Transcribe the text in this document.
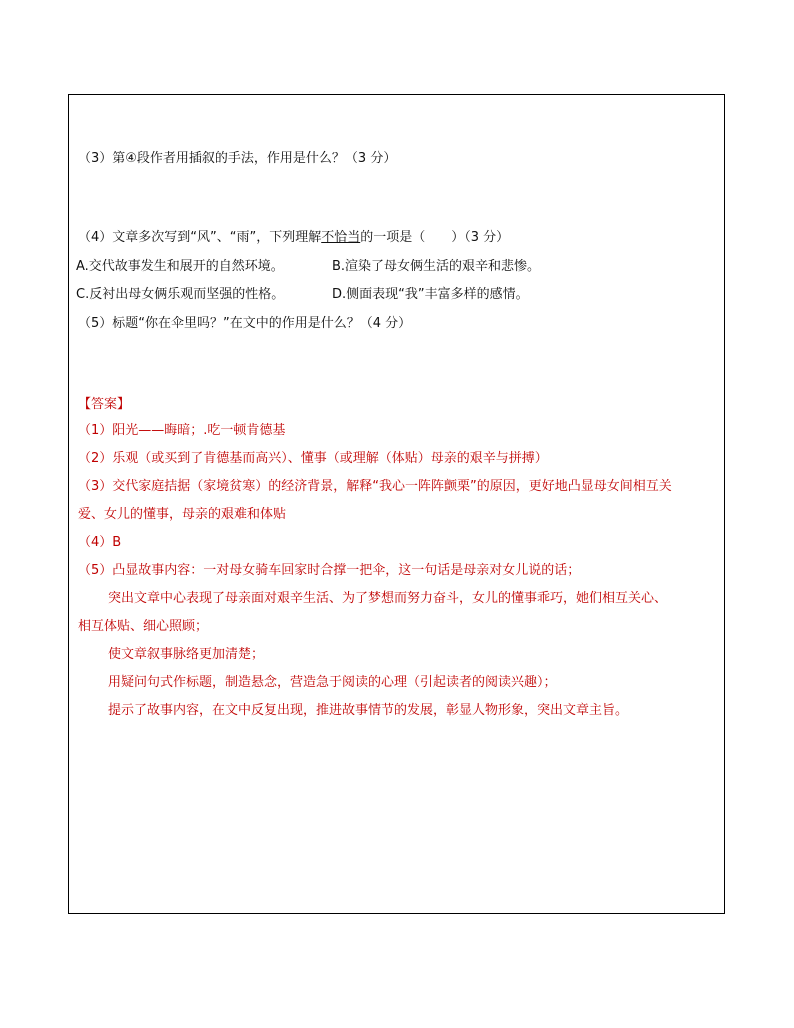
（3）第④段作者用插叙的手法，作用是什么？（3 分）
（4）文章多次写到“风”、“雨”，下列理解不恰当的一项是（　　）（3 分）
A.交代故事发生和展开的自然环境。	B.渲染了母女俩生活的艰辛和悲惨。
C.反衬出母女俩乐观而坚强的性格。	D.侧面表现“我”丰富多样的感情。
（5）标题“你在伞里吗？”在文中的作用是什么？（4 分）
【答案】
（1）阳光——晦暗；.吃一顿肯德基
（2）乐观（或买到了肯德基而高兴）、懂事（或理解（体贴）母亲的艰辛与拼搏）
（3）交代家庭拮据（家境贫寒）的经济背景，解释“我心一阵阵颤栗”的原因，更好地凸显母女间相互关
爱、女儿的懂事，母亲的艰难和体贴
（4）B
（5）凸显故事内容：一对母女骑车回家时合撑一把伞，这一句话是母亲对女儿说的话；
突出文章中心表现了母亲面对艰辛生活、为了梦想而努力奋斗，女儿的懂事乖巧，她们相互关心、
相互体贴、细心照顾；
使文章叙事脉络更加清楚；
用疑问句式作标题，制造悬念，营造急于阅读的心理（引起读者的阅读兴趣）；
提示了故事内容，在文中反复出现，推进故事情节的发展，彰显人物形象，突出文章主旨。
